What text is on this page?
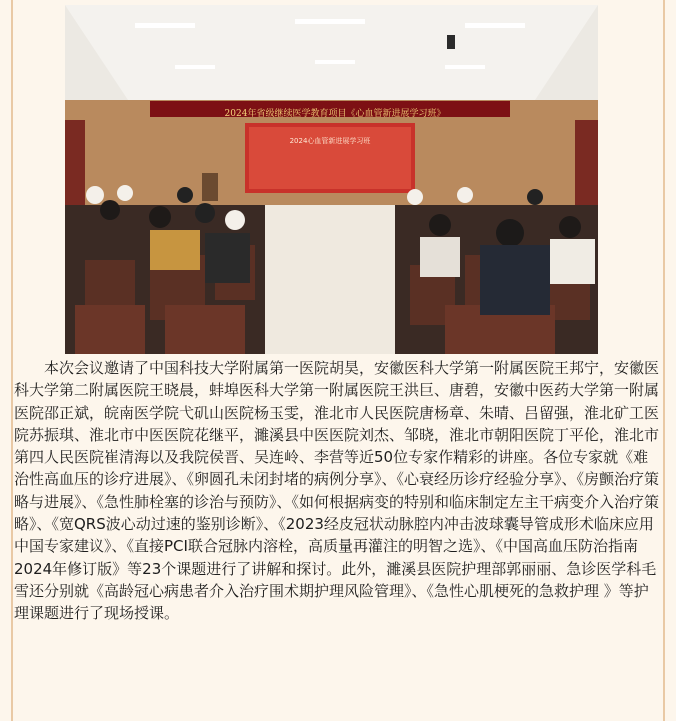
2024年省级继续医学教育项目《心血管新进展学习班》
2024心血管新进展学习班

本次会议邀请了中国科技大学附属第一医院胡昊，安徽医科大学第一附属医院王邦宁，安徽医科大学第二附属医院王晓晨，蚌埠医科大学第一附属医院王洪巨、唐碧，安徽中医药大学第一附属医院邵正斌，皖南医学院弋矶山医院杨玉雯，淮北市人民医院唐杨章、朱晴、吕留强，淮北矿工医院苏振琪、淮北市中医医院花继平，濉溪县中医医院刘杰、邹晓，淮北市朝阳医院丁平伦，淮北市第四人民医院崔清海以及我院侯晋、吴连岭、李营等近50位专家作精彩的讲座。各位专家就《难治性高血压的诊疗进展》、《卵圆孔未闭封堵的病例分享》、《心衰经历诊疗经验分享》、《房颤治疗策略与进展》、《急性肺栓塞的诊治与预防》、《如何根据病变的特别和临床制定左主干病变介入治疗策略》、《宽QRS波心动过速的鉴别诊断》、《2023经皮冠状动脉腔内冲击波球囊导管成形术临床应用中国专家建议》、《直接PCI联合冠脉内溶栓，高质量再灌注的明智之选》、《中国高血压防治指南2024年修订版》等23个课题进行了讲解和探讨。此外，濉溪县医院护理部郭丽丽、急诊医学科毛雪还分别就《高龄冠心病患者介入治疗围术期护理风险管理》、《急性心肌梗死的急救护理 》等护理课题进行了现场授课。
